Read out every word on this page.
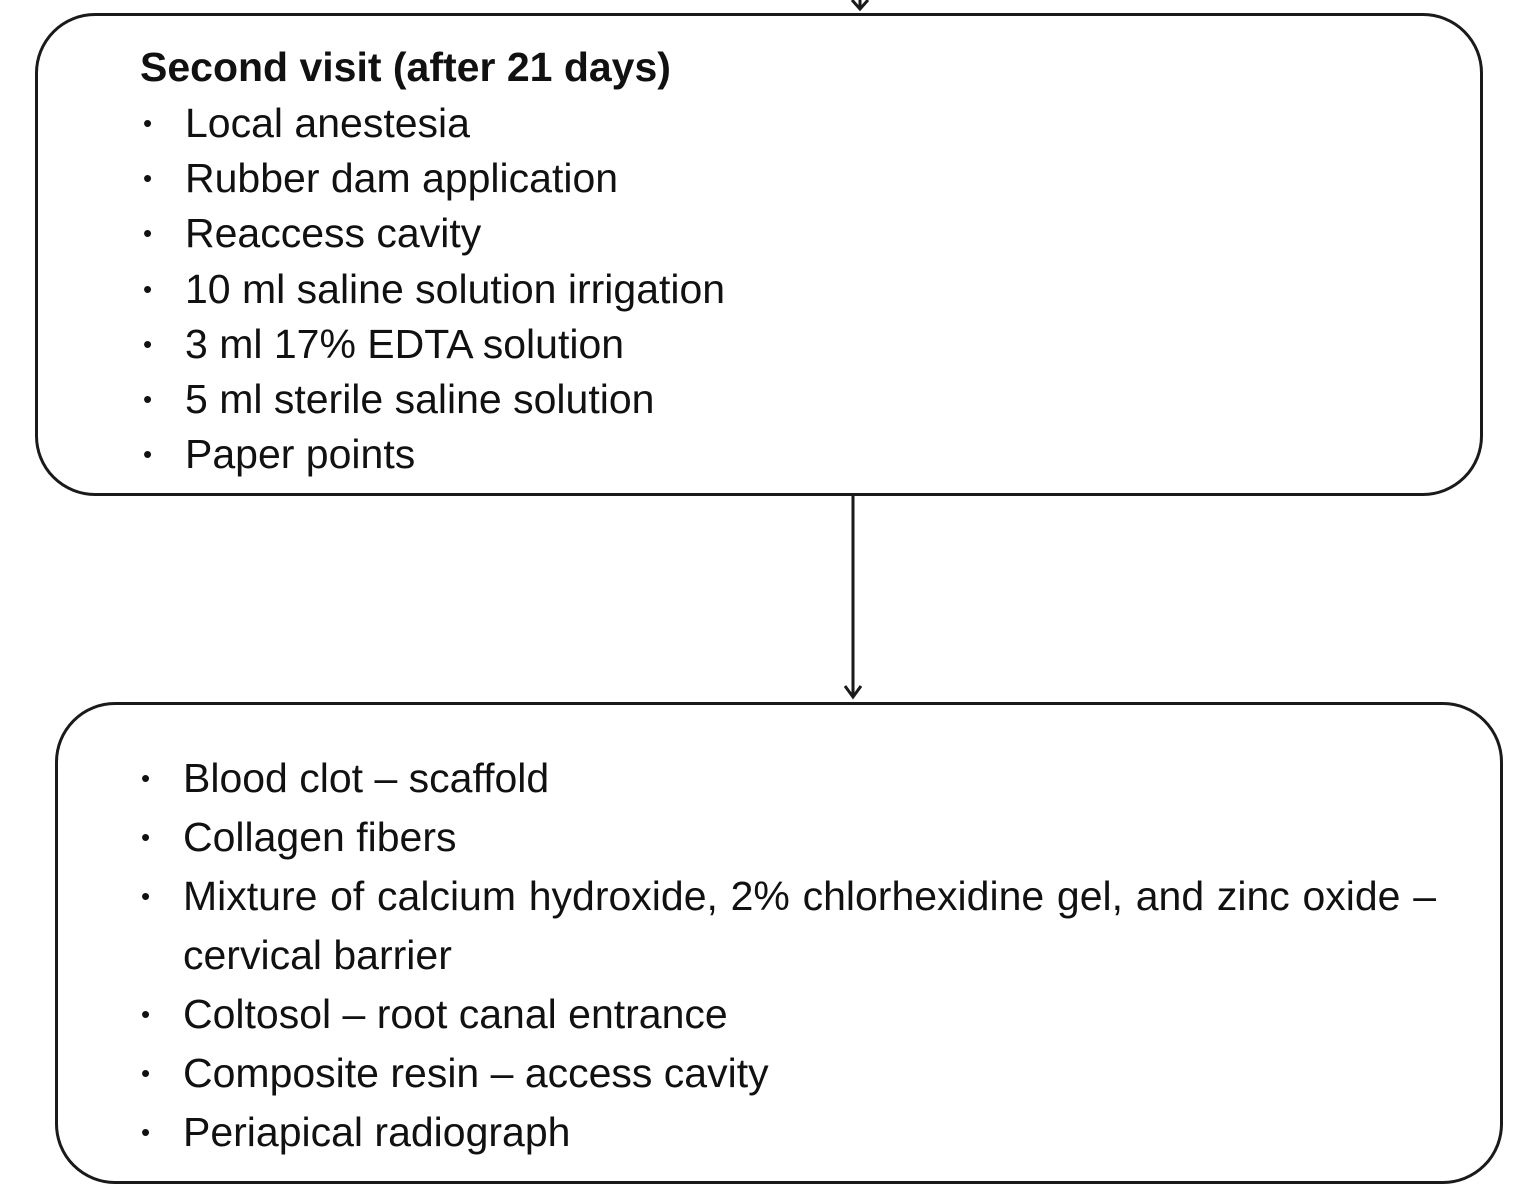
Second visit (after 21 days)

• Local anestesia
• Rubber dam application
• Reaccess cavity
• 10 ml saline solution irrigation
• 3 ml 17% EDTA solution
• 5 ml sterile saline solution
• Paper points
• Blood clot – scaffold
• Collagen fibers
• Mixture of calcium hydroxide, 2% chlorhexidine gel, and zinc oxide – cervical barrier
• Coltosol – root canal entrance
• Composite resin – access cavity
• Periapical radiograph
